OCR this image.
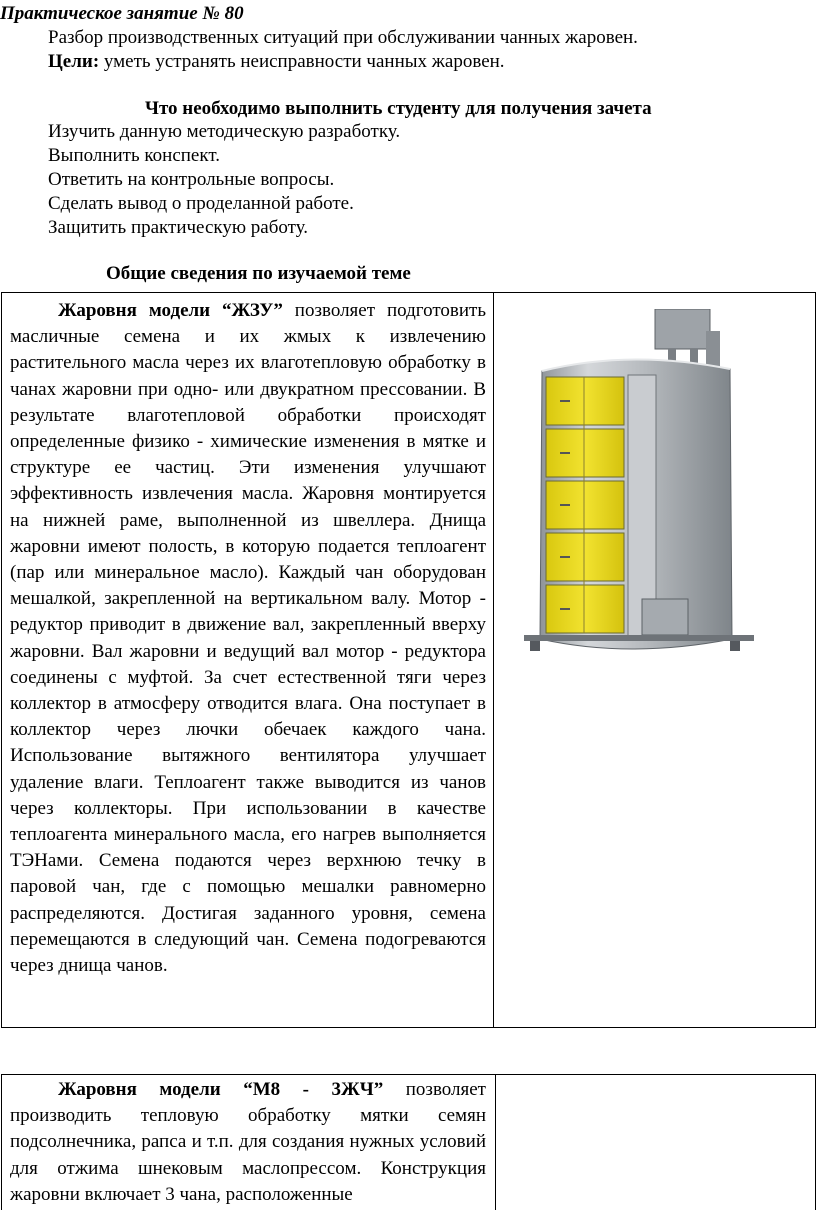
Практическое занятие № 80
Разбор производственных ситуаций при обслуживании чанных жаровен.
Цели: уметь устранять неисправности чанных жаровен.
Что необходимо выполнить студенту для получения зачета
Изучить данную методическую разработку.
Выполнить конспект.
Ответить на контрольные вопросы.
Сделать вывод о проделанной работе.
Защитить практическую работу.
Общие сведения по изучаемой теме

Жаровня модели “ЖЗУ” позволяет подготовить масличные семена и их жмых к извлечению растительного масла через их влаготепловую обработку в чанах жаровни при одно- или двукратном прессовании. В результате влаготепловой обработки происходят определенные физико - химические изменения в мятке и структуре ее частиц. Эти изменения улучшают эффективность извлечения масла. Жаровня монтируется на нижней раме, выполненной из швеллера. Днища жаровни имеют полость, в которую подается теплоагент (пар или минеральное масло). Каждый чан оборудован мешалкой, закрепленной на вертикальном валу. Мотор - редуктор приводит в движение вал, закрепленный вверху жаровни. Вал жаровни и ведущий вал мотор - редуктора соединены с муфтой. За счет естественной тяги через коллектор в атмосферу отводится влага. Она поступает в коллектор через лючки обечаек каждого чана. Использование вытяжного вентилятора улучшает удаление влаги. Теплоагент также выводится из чанов через коллекторы. При использовании в качестве теплоагента минерального масла, его нагрев выполняется ТЭНами. Семена подаются через верхнюю течку в паровой чан, где с помощью мешалки равномерно распределяются. Достигая заданного уровня, семена перемещаются в следующий чан. Семена подогреваются через днища чанов.

Жаровня модели “М8 - 3ЖЧ” позволяет производить тепловую обработку мятки семян подсолнечника, рапса и т.п. для создания нужных условий для отжима шнековым маслопрессом. Конструкция жаровни включает 3 чана, расположенные
